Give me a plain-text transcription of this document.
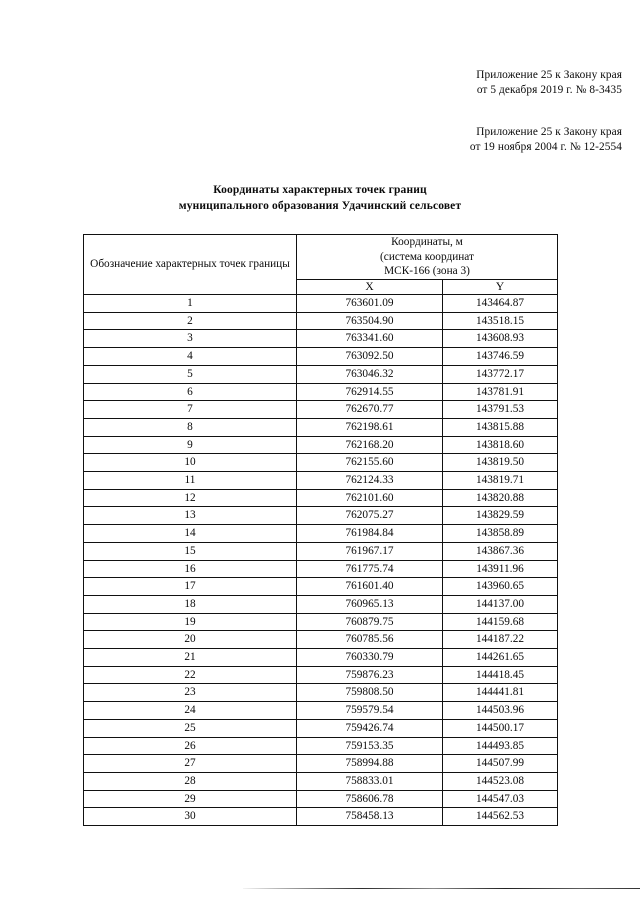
Приложение 25 к Закону края
от 5 декабря 2019 г. № 8-3435
Приложение 25 к Закону края
от 19 ноября 2004 г. № 12-2554
Координаты характерных точек границ
муниципального образования Удачинский сельсовет
Обозначение характерных точек границы	Координаты, м
(система координат
МСК-166 (зона 3)	

	X	Y
1	763601.09	143464.87
2	763504.90	143518.15
3	763341.60	143608.93
4	763092.50	143746.59
5	763046.32	143772.17
6	762914.55	143781.91
7	762670.77	143791.53
8	762198.61	143815.88
9	762168.20	143818.60
10	762155.60	143819.50
11	762124.33	143819.71
12	762101.60	143820.88
13	762075.27	143829.59
14	761984.84	143858.89
15	761967.17	143867.36
16	761775.74	143911.96
17	761601.40	143960.65
18	760965.13	144137.00
19	760879.75	144159.68
20	760785.56	144187.22
21	760330.79	144261.65
22	759876.23	144418.45
23	759808.50	144441.81
24	759579.54	144503.96
25	759426.74	144500.17
26	759153.35	144493.85
27	758994.88	144507.99
28	758833.01	144523.08
29	758606.78	144547.03
30	758458.13	144562.53
